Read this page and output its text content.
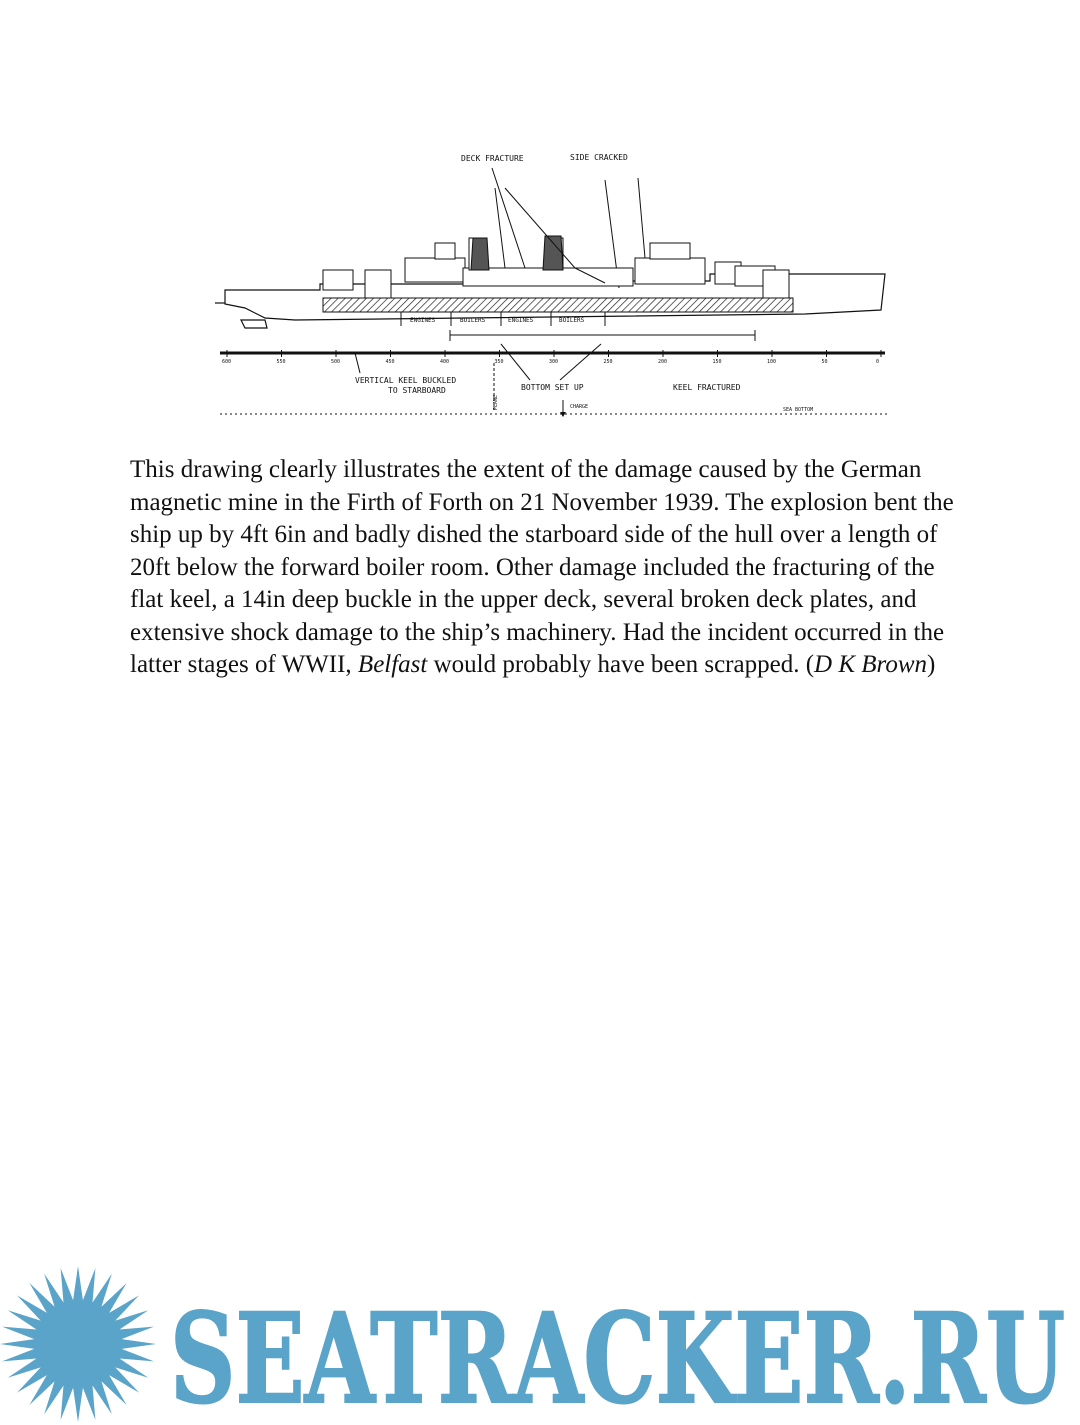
DECK FRACTURE	SIDE CRACKED
ENGINES	BOILERS	ENGINES	BOILERS
600	550	500	450	400	350	300	250	200	150	100	50	0
VERTICAL KEEL BUCKLED
TO STARBOARD	BOTTOM SET UP	KEEL FRACTURED
PLANE	CHARGE	SEA BOTTOM

This drawing clearly illustrates the extent of the damage caused by the German magnetic mine in the Firth of Forth on 21 November 1939. The explosion bent the ship up by 4ft 6in and badly dished the starboard side of the hull over a length of 20ft below the forward boiler room. Other damage included the fracturing of the flat keel, a 14in deep buckle in the upper deck, several broken deck plates, and extensive shock damage to the ship’s machinery. Had the incident occurred in the latter stages of WWII, Belfast would probably have been scrapped. (D K Brown)

SEATRACKER.RU
